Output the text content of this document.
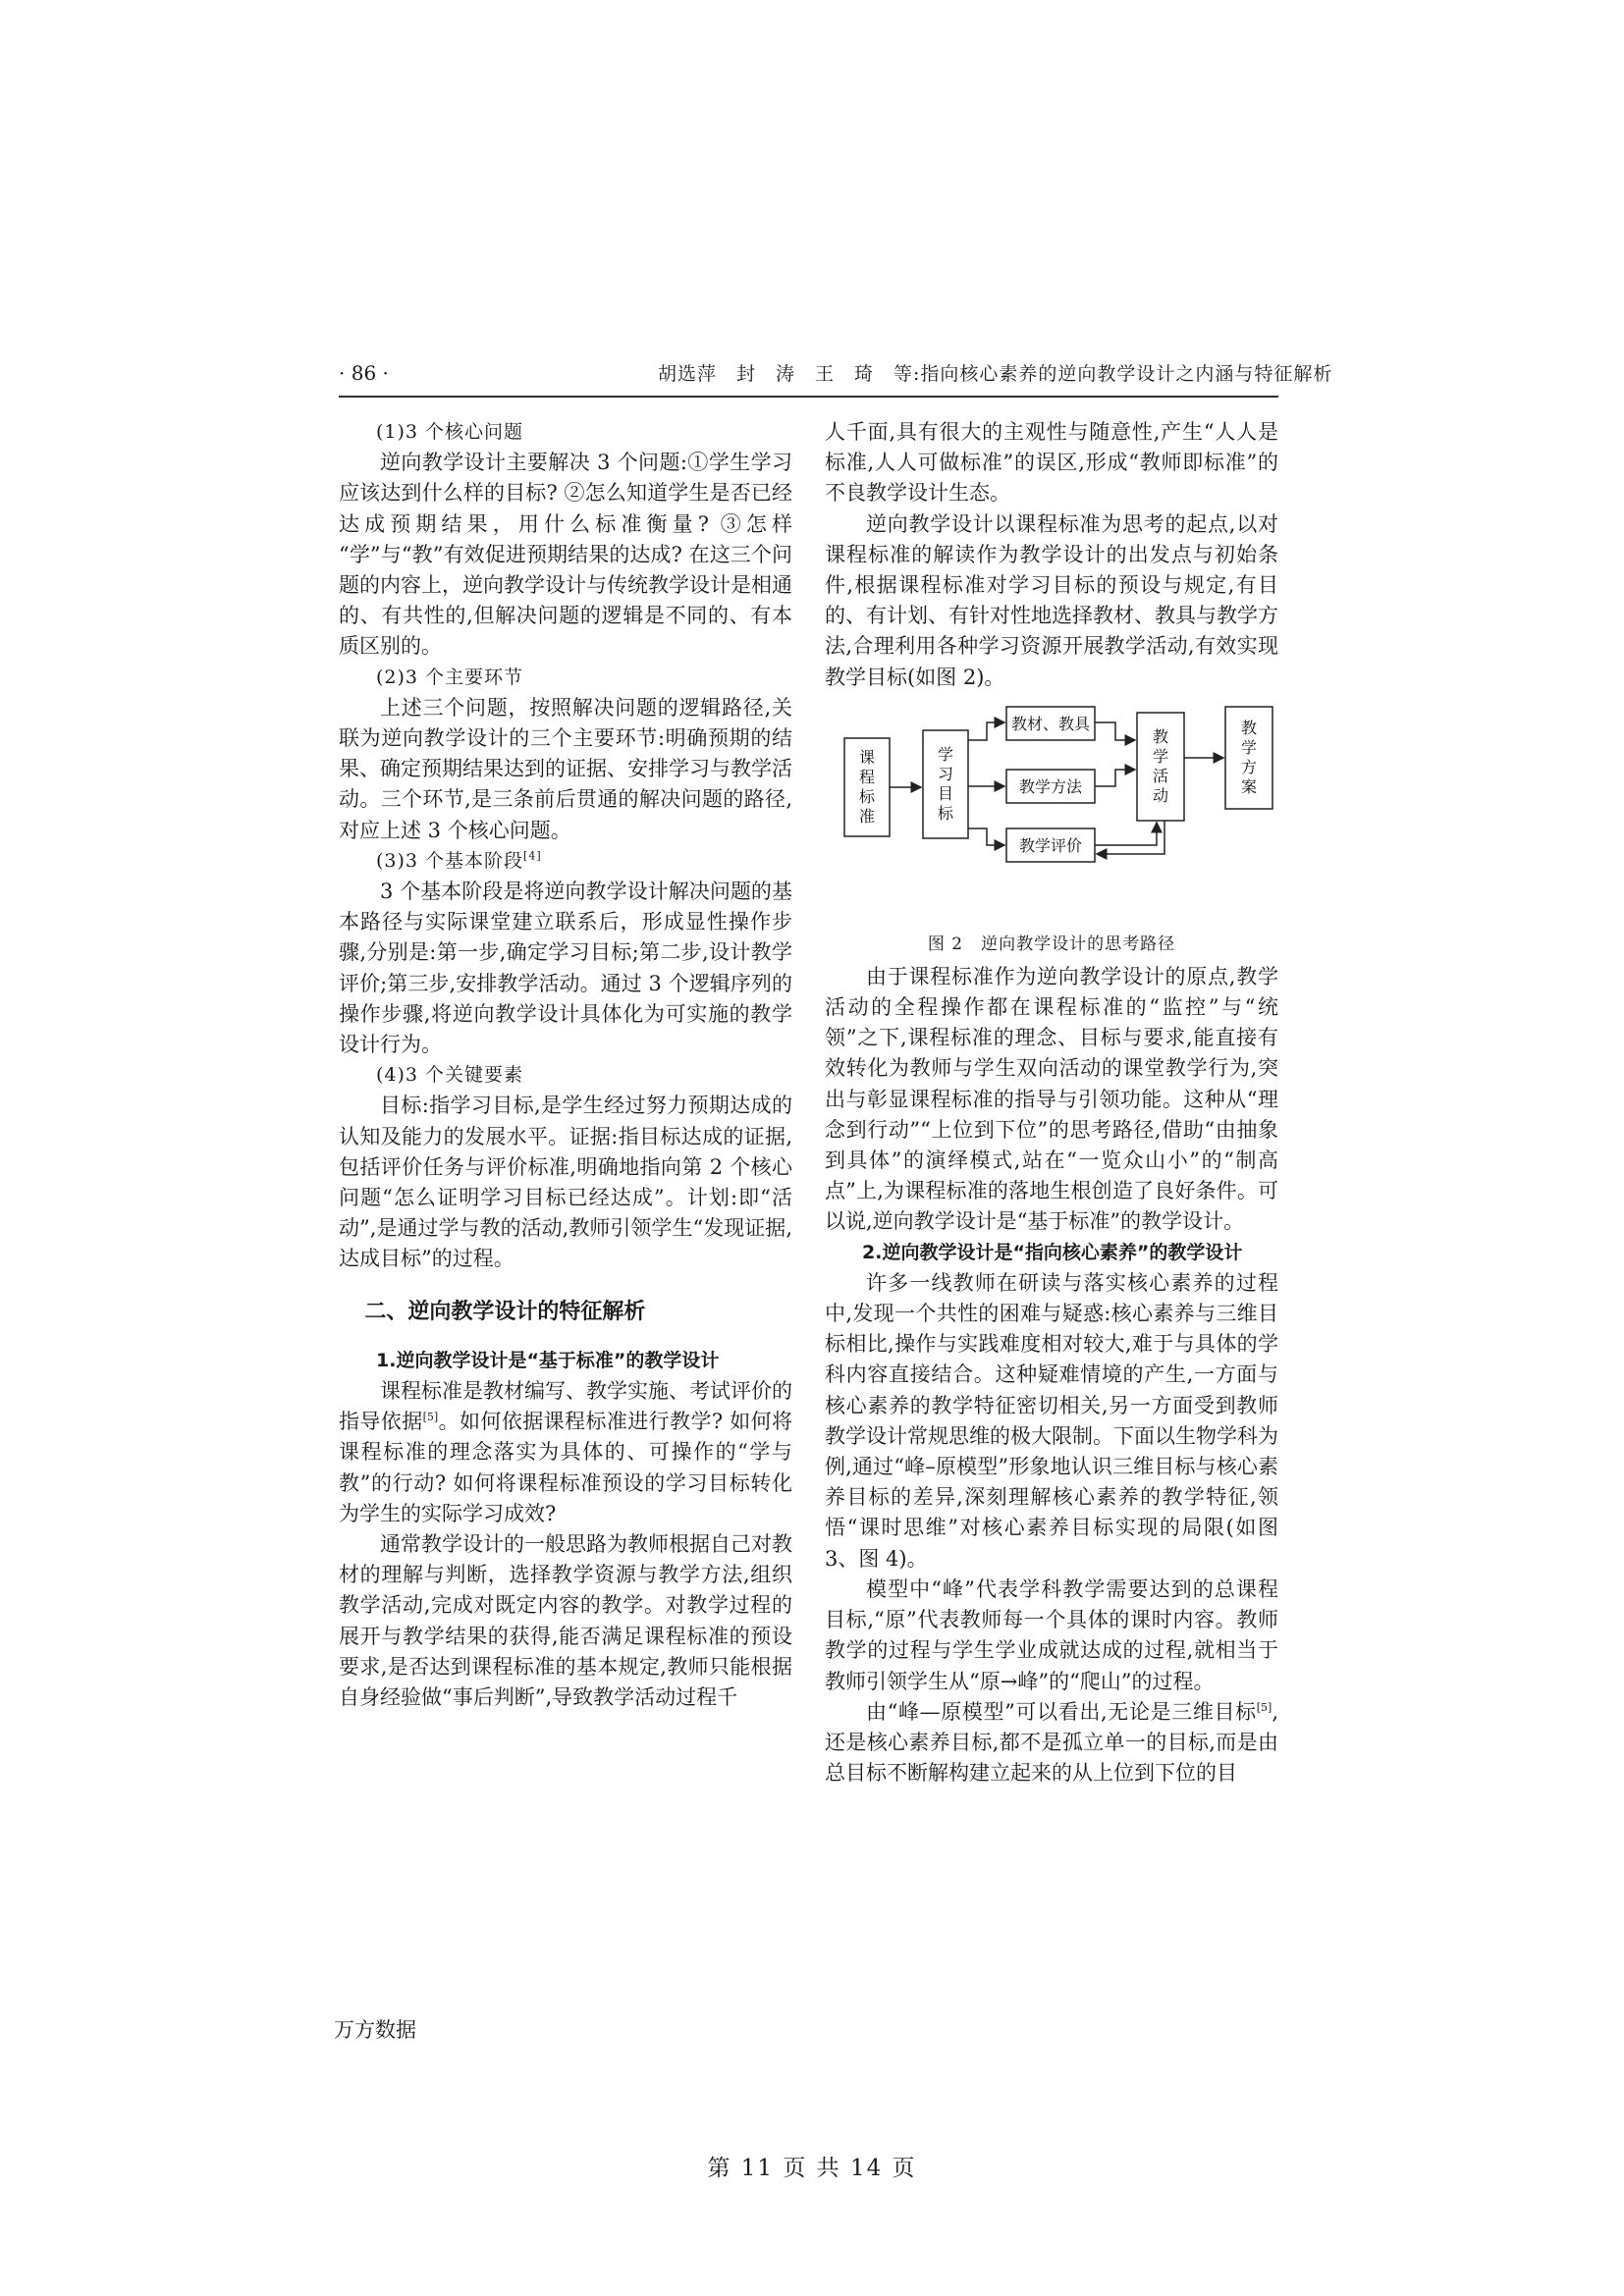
· 86 ·	胡选萍　封　涛　王　琦　等:指向核心素养的逆向教学设计之内涵与特征解析

(1)3 个核心问题

逆向教学设计主要解决 3 个问题:①学生学习应该达到什么样的目标? ②怎么知道学生是否已经达成预期结果，用什么标准衡量? ③怎样 “学”与“教”有效促进预期结果的达成? 在这三个问题的内容上，逆向教学设计与传统教学设计是相通的、有共性的,但解决问题的逻辑是不同的、有本质区别的。

(2)3 个主要环节

上述三个问题，按照解决问题的逻辑路径,关联为逆向教学设计的三个主要环节:明确预期的结果、确定预期结果达到的证据、安排学习与教学活动。三个环节,是三条前后贯通的解决问题的路径,对应上述 3 个核心问题。

(3)3 个基本阶段[4]

3 个基本阶段是将逆向教学设计解决问题的基本路径与实际课堂建立联系后，形成显性操作步骤,分别是:第一步,确定学习目标;第二步,设计教学评价;第三步,安排教学活动。通过 3 个逻辑序列的操作步骤,将逆向教学设计具体化为可实施的教学设计行为。

(4)3 个关键要素

目标:指学习目标,是学生经过努力预期达成的认知及能力的发展水平。证据:指目标达成的证据,包括评价任务与评价标准,明确地指向第 2 个核心问题“怎么证明学习目标已经达成”。计划:即“活动”,是通过学与教的活动,教师引领学生“发现证据,达成目标”的过程。

二、逆向教学设计的特征解析

1.逆向教学设计是“基于标准”的教学设计

课程标准是教材编写、教学实施、考试评价的指导依据[5]。如何依据课程标准进行教学? 如何将课程标准的理念落实为具体的、可操作的“学与教”的行动? 如何将课程标准预设的学习目标转化为学生的实际学习成效?

通常教学设计的一般思路为教师根据自己对教材的理解与判断，选择教学资源与教学方法,组织教学活动,完成对既定内容的教学。对教学过程的展开与教学结果的获得,能否满足课程标准的预设要求,是否达到课程标准的基本规定,教师只能根据自身经验做“事后判断”,导致教学活动过程千

人千面,具有很大的主观性与随意性,产生“人人是标准,人人可做标准”的误区,形成“教师即标准”的不良教学设计生态。

逆向教学设计以课程标准为思考的起点,以对课程标准的解读作为教学设计的出发点与初始条件,根据课程标准对学习目标的预设与规定,有目的、有计划、有针对性地选择教材、教具与教学方法,合理利用各种学习资源开展教学活动,有效实现教学目标(如图 2)。

课程标准
学习目标
教材、教具
教学方法
教学评价
教学活动
教学方案
图 2　逆向教学设计的思考路径

由于课程标准作为逆向教学设计的原点,教学活动的全程操作都在课程标准的“监控”与“统领”之下,课程标准的理念、目标与要求,能直接有效转化为教师与学生双向活动的课堂教学行为,突出与彰显课程标准的指导与引领功能。这种从“理念到行动”“上位到下位”的思考路径,借助“由抽象到具体”的演绎模式,站在“一览众山小”的“制高点”上,为课程标准的落地生根创造了良好条件。可以说,逆向教学设计是“基于标准”的教学设计。

2.逆向教学设计是“指向核心素养”的教学设计

许多一线教师在研读与落实核心素养的过程中,发现一个共性的困难与疑惑:核心素养与三维目标相比,操作与实践难度相对较大,难于与具体的学科内容直接结合。这种疑难情境的产生,一方面与核心素养的教学特征密切相关,另一方面受到教师教学设计常规思维的极大限制。下面以生物学科为例,通过“峰–原模型”形象地认识三维目标与核心素养目标的差异,深刻理解核心素养的教学特征,领悟“课时思维”对核心素养目标实现的局限(如图 3、图 4)。

模型中“峰”代表学科教学需要达到的总课程目标,“原”代表教师每一个具体的课时内容。教师教学的过程与学生学业成就达成的过程,就相当于教师引领学生从“原→峰”的“爬山”的过程。

由“峰—原模型”可以看出,无论是三维目标[5],还是核心素养目标,都不是孤立单一的目标,而是由总目标不断解构建立起来的从上位到下位的目

万方数据
第 11 页 共 14 页
